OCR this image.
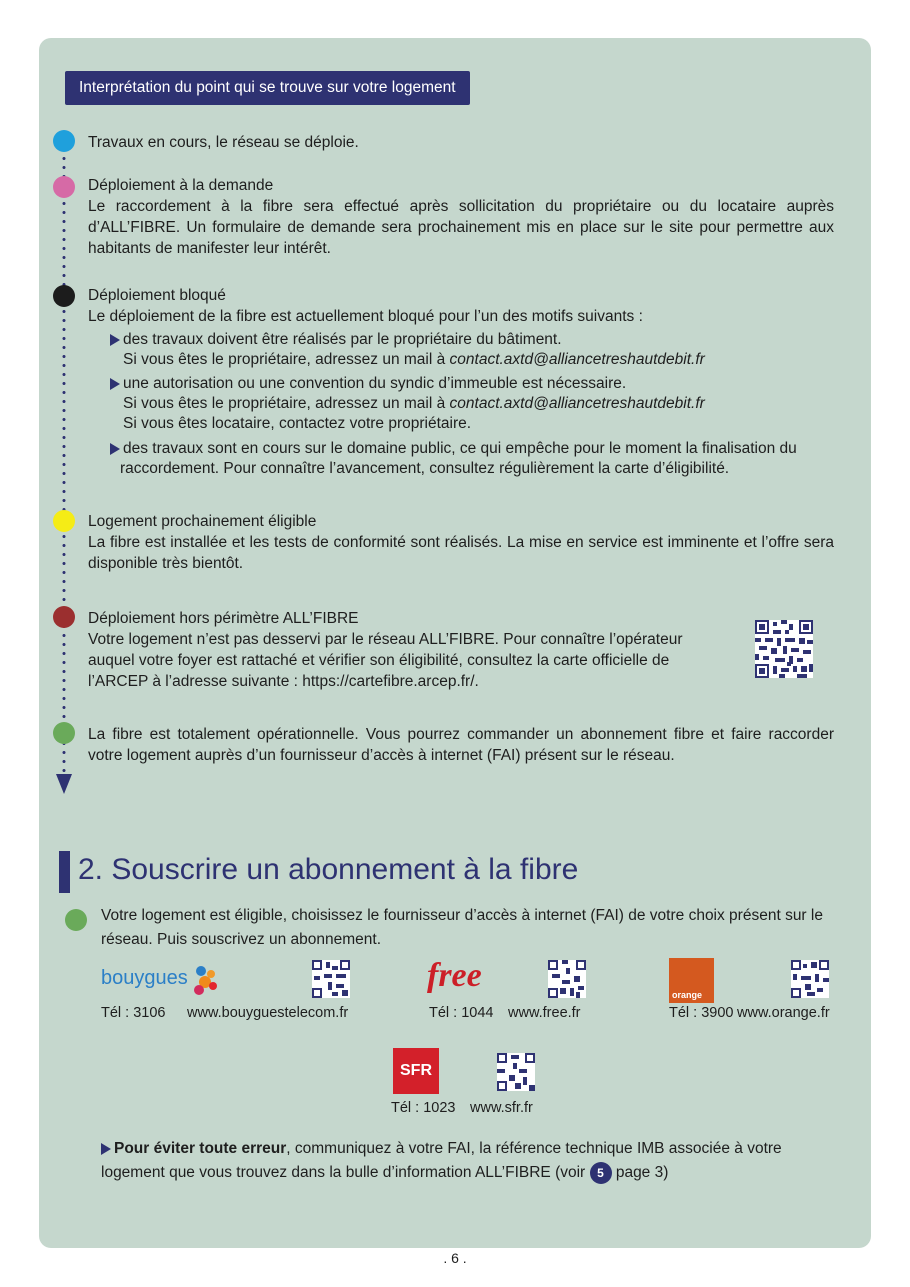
Interprétation du point qui se trouve sur votre logement
Travaux en cours, le réseau se déploie.
Déploiement à la demande
Le raccordement à la fibre sera effectué après sollicitation du propriétaire ou du locataire auprès d’ALL’FIBRE. Un formulaire de demande sera prochainement mis en place sur le site pour permettre aux habitants de manifester leur intérêt.
Déploiement bloqué
Le déploiement de la fibre est actuellement bloqué pour l’un des motifs suivants :
des travaux doivent être réalisés par le propriétaire du bâtiment.
Si vous êtes le propriétaire, adressez un mail à contact.axtd@alliancetreshautdebit.fr
une autorisation ou une convention du syndic d’immeuble est nécessaire.
Si vous êtes le propriétaire, adressez un mail à contact.axtd@alliancetreshautdebit.fr
Si vous êtes locataire, contactez votre propriétaire.
des travaux sont en cours sur le domaine public, ce qui empêche pour le moment la finalisation du
raccordement. Pour connaître l’avancement, consultez régulièrement la carte d’éligibilité.
Logement prochainement éligible
La fibre est installée et les tests de conformité sont réalisés. La mise en service est imminente et l’offre sera disponible très bientôt.
Déploiement hors périmètre ALL’FIBRE
Votre logement n’est pas desservi par le réseau ALL’FIBRE. Pour connaître l’opérateur auquel votre foyer est rattaché et vérifier son éligibilité, consultez la carte officielle de l’ARCEP à l’adresse suivante : https://cartefibre.arcep.fr/.
La fibre est totalement opérationnelle. Vous pourrez commander un abonnement fibre et faire raccorder votre logement auprès d’un fournisseur d’accès à internet (FAI) présent sur le réseau.
2. Souscrire un abonnement à la fibre
Votre logement est éligible, choisissez le fournisseur d’accès à internet (FAI) de votre choix présent sur le réseau. Puis souscrivez un abonnement.
bouygues
Tél : 3106 www.bouyguestelecom.fr
free
Tél : 1044 www.free.fr
orange
Tél : 3900 www.orange.fr
SFR
Tél : 1023 www.sfr.fr
Pour éviter toute erreur, communiquez à votre FAI, la référence technique IMB associée à votre logement que vous trouvez dans la bulle d’information ALL’FIBRE (voir 5 page 3)
. 6 .
